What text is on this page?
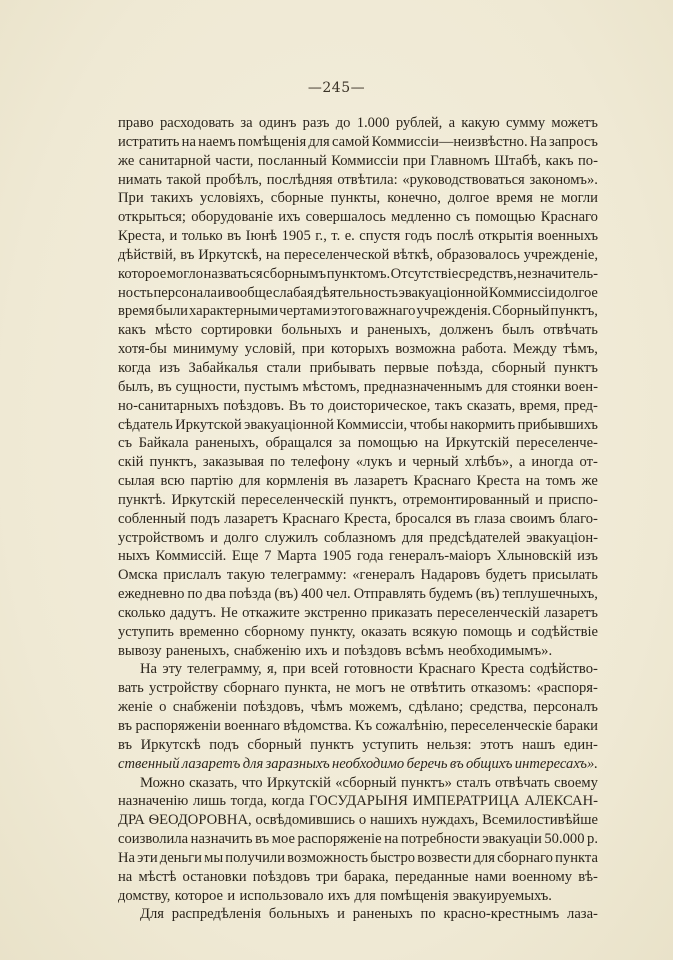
—245—
право расходовать за одинъ разъ до 1.000 рублей, а какую сумму можетъ
истратить на наемъ помѣщенія для самой Коммиссіи—неизвѣстно. На запросъ
же санитарной части, посланный Коммиссіи при Главномъ Штабѣ, какъ по-
нимать такой пробѣлъ, послѣдняя отвѣтила: «руководствоваться закономъ».
При такихъ условіяхъ, сборные пункты, конечно, долгое время не могли
открыться; оборудованіе ихъ совершалось медленно съ помощью Краснаго
Креста, и только въ Іюнѣ 1905 г., т. е. спустя годъ послѣ открытія военныхъ
дѣйствій, въ Иркутскѣ, на переселенческой вѣткѣ, образовалось учрежденіе,
которое могло назваться сборнымъ пунктомъ. Отсутствіе средствъ, незначитель-
ность персонала и вообще слабая дѣятельность эвакуаціонной Коммиссіи долгое
время были характерными чертами этого важнаго учрежденія. Сборный пунктъ,
какъ мѣсто сортировки больныхъ и раненыхъ, долженъ былъ отвѣчать
хотя-бы минимуму условій, при которыхъ возможна работа. Между тѣмъ,
когда изъ Забайкалья стали прибывать первые поѣзда, сборный пунктъ
былъ, въ сущности, пустымъ мѣстомъ, предназначеннымъ для стоянки воен-
но-санитарныхъ поѣздовъ. Въ то доисторическое, такъ сказать, время, пред-
сѣдатель Иркутской эвакуаціонной Коммиссіи, чтобы накормить прибывшихъ
съ Байкала раненыхъ, обращался за помощью на Иркутскій переселенче-
скій пунктъ, заказывая по телефону «лукъ и черный хлѣбъ», а иногда от-
сылая всю партію для кормленія въ лазаретъ Краснаго Креста на томъ же
пунктѣ. Иркутскій переселенческій пунктъ, отремонтированный и приспо-
собленный подъ лазаретъ Краснаго Креста, бросался въ глаза своимъ благо-
устройствомъ и долго служилъ соблазномъ для предсѣдателей эвакуаціон-
ныхъ Коммиссій. Еще 7 Марта 1905 года генералъ-маіоръ Хлыновскій изъ
Омска прислалъ такую телеграмму: «генералъ Надаровъ будетъ присылать
ежедневно по два поѣзда (въ) 400 чел. Отправлять будемъ (въ) теплушечныхъ,
сколько дадутъ. Не откажите экстренно приказать переселенческій лазаретъ
уступить временно сборному пункту, оказать всякую помощь и содѣйствіе
вывозу раненыхъ, снабженію ихъ и поѣздовъ всѣмъ необходимымъ».
На эту телеграмму, я, при всей готовности Краснаго Креста содѣйство-
вать устройству сборнаго пункта, не могъ не отвѣтить отказомъ: «распоря-
женіе о снабженіи поѣздовъ, чѣмъ можемъ, сдѣлано; средства, персоналъ
въ распоряженіи военнаго вѣдомства. Къ сожалѣнію, переселенческіе бараки
въ Иркутскѣ подъ сборный пунктъ уступить нельзя: этотъ нашъ един-
ственный лазаретъ для заразныхъ необходимо беречь въ общихъ интересахъ».
Можно сказать, что Иркутскій «сборный пунктъ» сталъ отвѣчать своему
назначенію лишь тогда, когда ГОСУДАРЫНЯ ИМПЕРАТРИЦА АЛЕКСАН-
ДРА ѲЕОДОРОВНА, освѣдомившись о нашихъ нуждахъ, Всемилостивѣйше
соизволила назначить въ мое распоряженіе на потребности эвакуаціи 50.000 р.
На эти деньги мы получили возможность быстро возвести для сборнаго пункта
на мѣстѣ остановки поѣздовъ три барака, переданные нами военному вѣ-
домству, которое и использовало ихъ для помѣщенія эвакуируемыхъ.
Для распредѣленія больныхъ и раненыхъ по красно-крестнымъ лаза-
